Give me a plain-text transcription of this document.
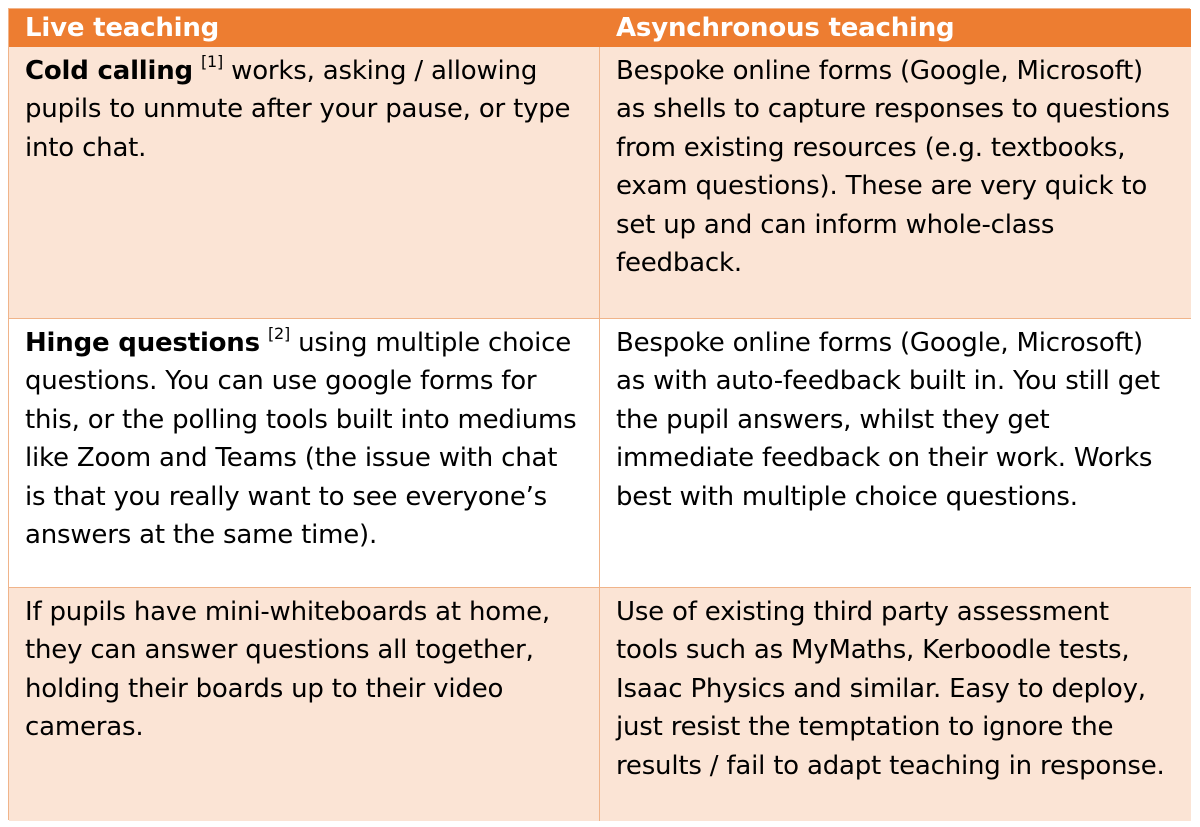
Live teaching	Asynchronous teaching
Cold calling [1] works, asking / allowing pupils to unmute after your pause, or type into chat.
Bespoke online forms (Google, Microsoft) as shells to capture responses to questions from existing resources (e.g. textbooks, exam questions). These are very quick to set up and can inform whole-class feedback.
Hinge questions [2] using multiple choice questions. You can use google forms for this, or the polling tools built into mediums like Zoom and Teams (the issue with chat is that you really want to see everyone’s answers at the same time).
Bespoke online forms (Google, Microsoft) as with auto-feedback built in. You still get the pupil answers, whilst they get immediate feedback on their work. Works best with multiple choice questions.
If pupils have mini-whiteboards at home, they can answer questions all together, holding their boards up to their video cameras.
Use of existing third party assessment tools such as MyMaths, Kerboodle tests, Isaac Physics and similar. Easy to deploy, just resist the temptation to ignore the results / fail to adapt teaching in response.
